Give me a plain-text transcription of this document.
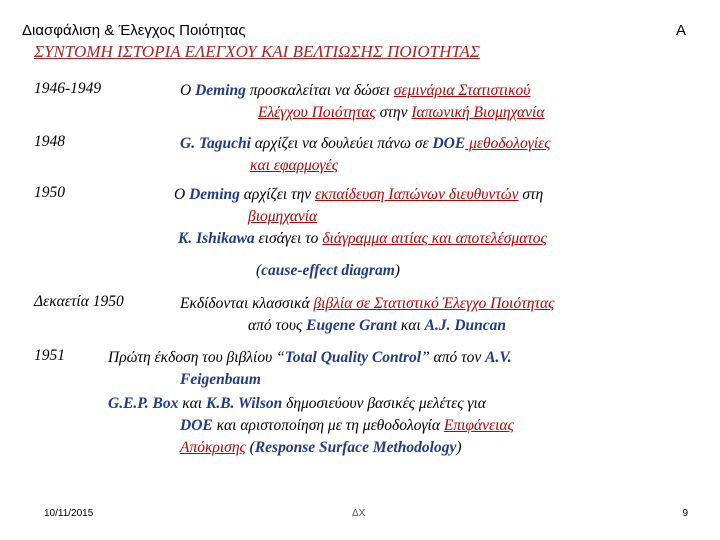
Διασφάλιση & Έλεγχος Ποιότητας	A
ΣΥΝΤΟΜΗ ΙΣΤΟΡΙΑ ΕΛΕΓΧΟΥ ΚΑΙ ΒΕΛΤΙΩΣΗΣ ΠΟΙΟΤΗΤΑΣ
1946-1949	O Deming προσκαλείται να δώσει σεμινάρια Στατιστικού
Ελέγχου Ποιότητας στην Ιαπωνική Βιομηχανία
1948	G. Taguchi αρχίζει να δουλεύει πάνω σε DOE μεθοδολογίες
και εφαρμογές
1950	Ο Deming αρχίζει την εκπαίδευση Ιαπώνων διευθυντών στη
βιομηχανία
K. Ishikawa εισάγει το διάγραμμα αιτίας και αποτελέσματος
(cause-effect diagram)
Δεκαετία 1950	Εκδίδονται κλασσικά βιβλία σε Στατιστικό Έλεγχο Ποιότητας
από τους Eugene Grant και A.J. Duncan
1951	Πρώτη έκδοση του βιβλίου “Total Quality Control” από τον A.V.
Feigenbaum
G.E.P. Box και K.B. Wilson δημοσιεύουν βασικές μελέτες για
DOE και αριστοποίηση με τη μεθοδολογία Επιφάνειας
Απόκρισης (Response Surface Methodology)
10/11/2015	ΔΧ	9
